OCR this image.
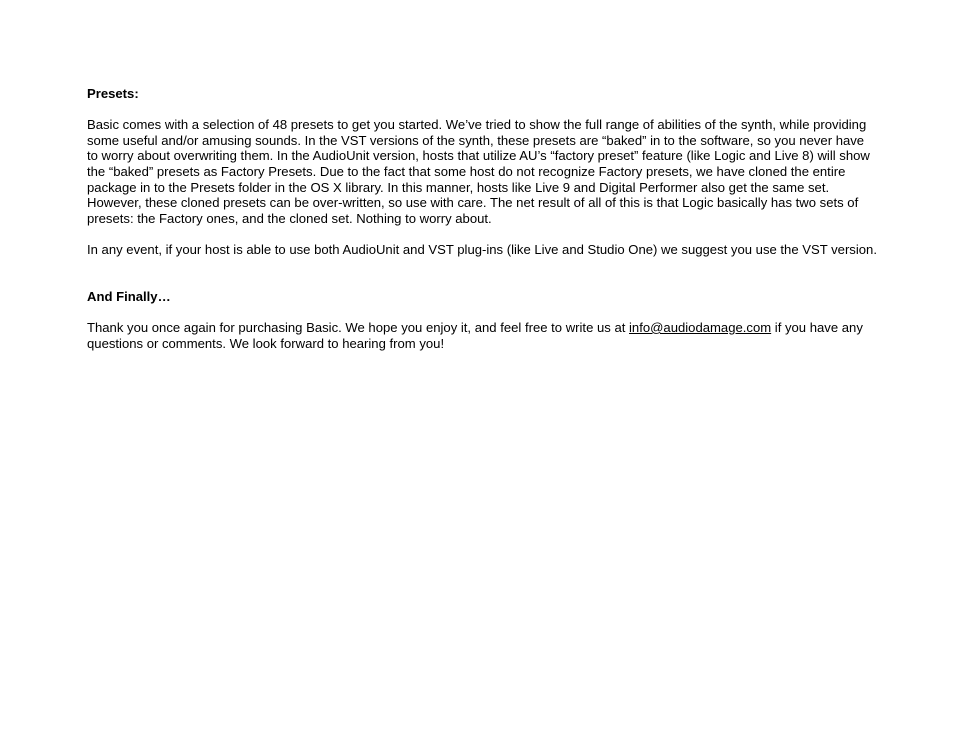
Presets:

Basic comes with a selection of 48 presets to get you started. We’ve tried to show the full range of abilities of the synth, while providing some useful and/or amusing sounds. In the VST versions of the synth, these presets are “baked” in to the software, so you never have to worry about overwriting them. In the AudioUnit version, hosts that utilize AU’s “factory preset” feature (like Logic and Live 8) will show the “baked” presets as Factory Presets. Due to the fact that some host do not recognize Factory presets, we have cloned the entire package in to the Presets folder in the OS X library. In this manner, hosts like Live 9 and Digital Performer also get the same set. However, these cloned presets can be over-written, so use with care. The net result of all of this is that Logic basically has two sets of presets: the Factory ones, and the cloned set. Nothing to worry about.

In any event, if your host is able to use both AudioUnit and VST plug-ins (like Live and Studio One) we suggest you use the VST version.

And Finally…

Thank you once again for purchasing Basic. We hope you enjoy it, and feel free to write us at info@audiodamage.com if you have any questions or comments. We look forward to hearing from you!
